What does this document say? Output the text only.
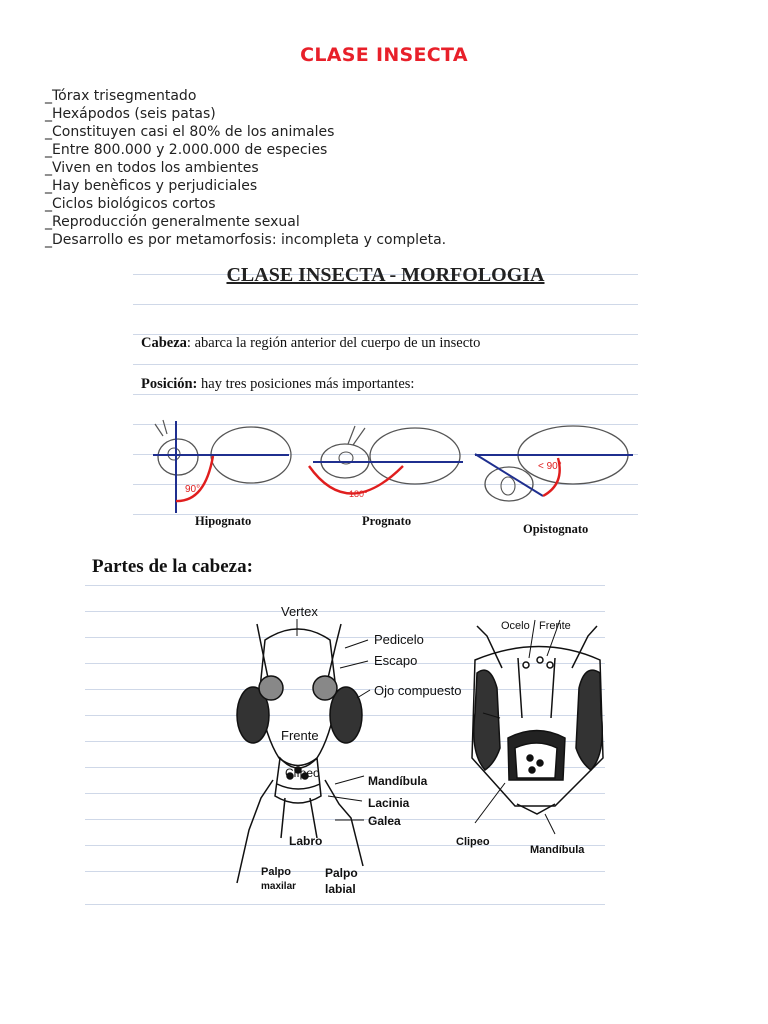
CLASE INSECTA
_Tórax trisegmentado
_Hexápodos (seis patas)
_Constituyen casi el 80% de los animales
_Entre 800.000 y 2.000.000 de especies
_Viven en todos los ambientes
_Hay benèficos y perjudiciales
_Ciclos biológicos cortos
_Reproducción generalmente sexual
_Desarrollo es por metamorfosis: incompleta y completa.
CLASE INSECTA - MORFOLOGIA
Cabeza: abarca la región anterior del cuerpo de un insecto
Posición: hay tres posiciones más importantes:
90°	180°
< 90°
Hipognato	Prognato
Opistognato
Partes de la cabeza:
Vertex
Pedicelo
Escapo
Ojo compuesto
Frente
Clípeo
Mandíbula
Lacinia
Galea
Labro
Palpo
maxilar
Palpo
labial
Ocelo Frente
Clipeo
Mandíbula
